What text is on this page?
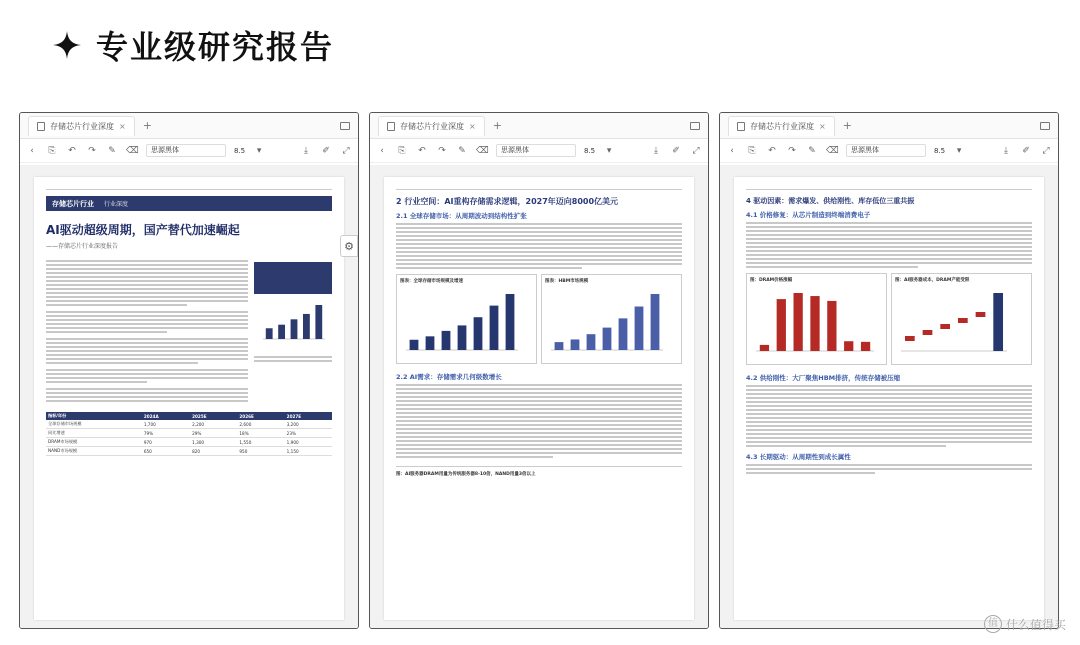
专业级研究报告
存储芯片行业深度 × +
‹	⎘ ↶ ↷ ✎ ⌫	思源黑体	8.5	▾	⤓	✐ ⤢
存储芯片行业 行业深度
AI驱动超级周期，国产替代加速崛起
——存储芯片行业深度报告
指标/年份	2024A	2025E	2026E	2027E
全球存储市场规模	1,700	2,200	2,600	3,200
同比增速	79%	29%	18%	23%
DRAM市场规模	970	1,300	1,550	1,900
NAND市场规模	650	820	950	1,150
⚙
存储芯片行业深度 × +
‹	⎘ ↶ ↷ ✎ ⌫	思源黑体	8.5	▾	⤓	✐ ⤢
2 行业空间：AI重构存储需求逻辑，2027年迈向8000亿美元
2.1 全球存储市场：从周期波动到结构性扩张
图表：全球存储市场规模及增速	图表：HBM市场规模
2.2 AI需求：存储需求几何级数增长
图：AI服务器DRAM用量为传统服务器8-10倍，NAND用量3倍以上
存储芯片行业深度 × +
‹	⎘ ↶ ↷ ✎ ⌫	思源黑体	8.5	▾	⤓	✐ ⤢
4 驱动因素：需求爆发、供给刚性、库存低位三重共振
4.1 价格修复：从芯片制造到终端消费电子
图：DRAM价格涨幅	图：AI服务器成本，DRAM产能受限
4.2 供给刚性：大厂聚焦HBM排挤，传统存储被压缩
4.3 长期驱动：从周期性到成长属性
值 什么值得买
